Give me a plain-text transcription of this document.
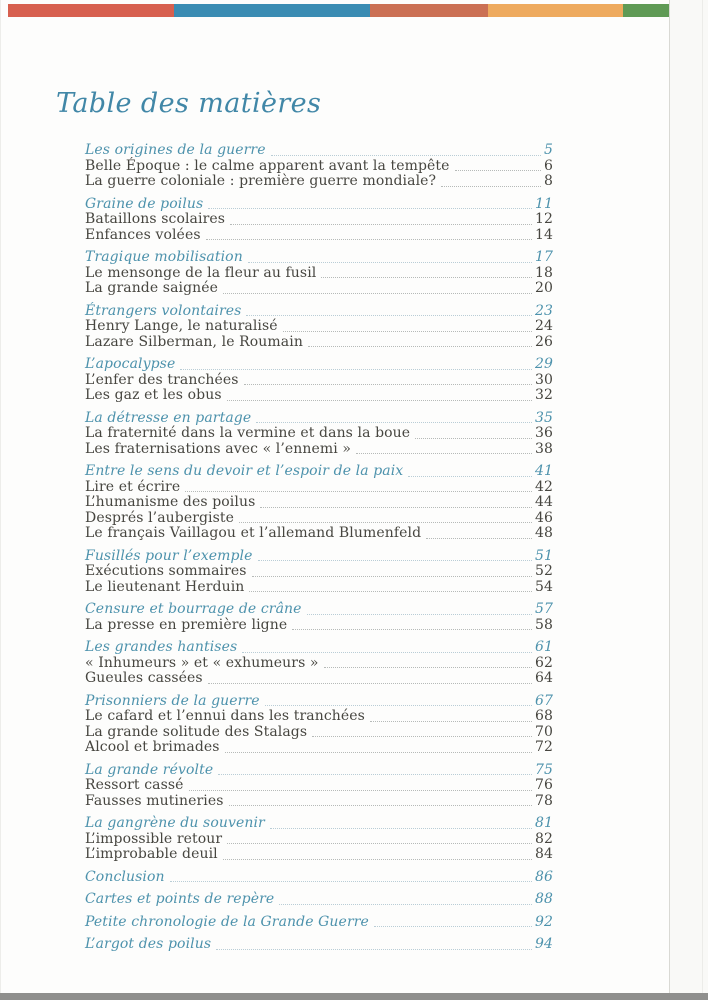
Table des matières
Les origines de la guerre	5
Belle Époque : le calme apparent avant la tempête	6
La guerre coloniale : première guerre mondiale?	8
Graine de poilus	11
Bataillons scolaires	12
Enfances volées	14
Tragique mobilisation	17
Le mensonge de la fleur au fusil	18
La grande saignée	20
Étrangers volontaires	23
Henry Lange, le naturalisé	24
Lazare Silberman, le Roumain	26
L’apocalypse	29
L’enfer des tranchées	30
Les gaz et les obus	32
La détresse en partage	35
La fraternité dans la vermine et dans la boue	36
Les fraternisations avec « l’ennemi »	38
Entre le sens du devoir et l’espoir de la paix	41
Lire et écrire	42
L’humanisme des poilus	44
Després l’aubergiste	46
Le français Vaillagou et l’allemand Blumenfeld	48
Fusillés pour l’exemple	51
Exécutions sommaires	52
Le lieutenant Herduin	54
Censure et bourrage de crâne	57
La presse en première ligne	58
Les grandes hantises	61
« Inhumeurs » et « exhumeurs »	62
Gueules cassées	64
Prisonniers de la guerre	67
Le cafard et l’ennui dans les tranchées	68
La grande solitude des Stalags	70
Alcool et brimades	72
La grande révolte	75
Ressort cassé	76
Fausses mutineries	78
La gangrène du souvenir	81
L’impossible retour	82
L’improbable deuil	84
Conclusion	86
Cartes et points de repère	88
Petite chronologie de la Grande Guerre	92
L’argot des poilus	94
